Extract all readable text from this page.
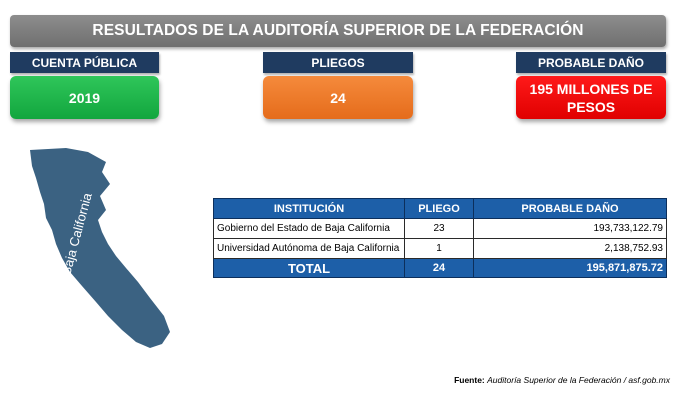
RESULTADOS DE LA AUDITORÍA SUPERIOR DE LA FEDERACIÓN
CUENTA PÚBLICA
2019
PLIEGOS
24
PROBABLE DAÑO
195 MILLONES DE
PESOS
Baja California	INSTITUCIÓN	PLIEGO	PROBABLE DAÑO
Gobierno del Estado de Baja California	23	193,733,122.79
Universidad Autónoma de Baja California	1	2,138,752.93
TOTAL	24	195,871,875.72
Fuente: Auditoría Superior de la Federación / asf.gob.mx
